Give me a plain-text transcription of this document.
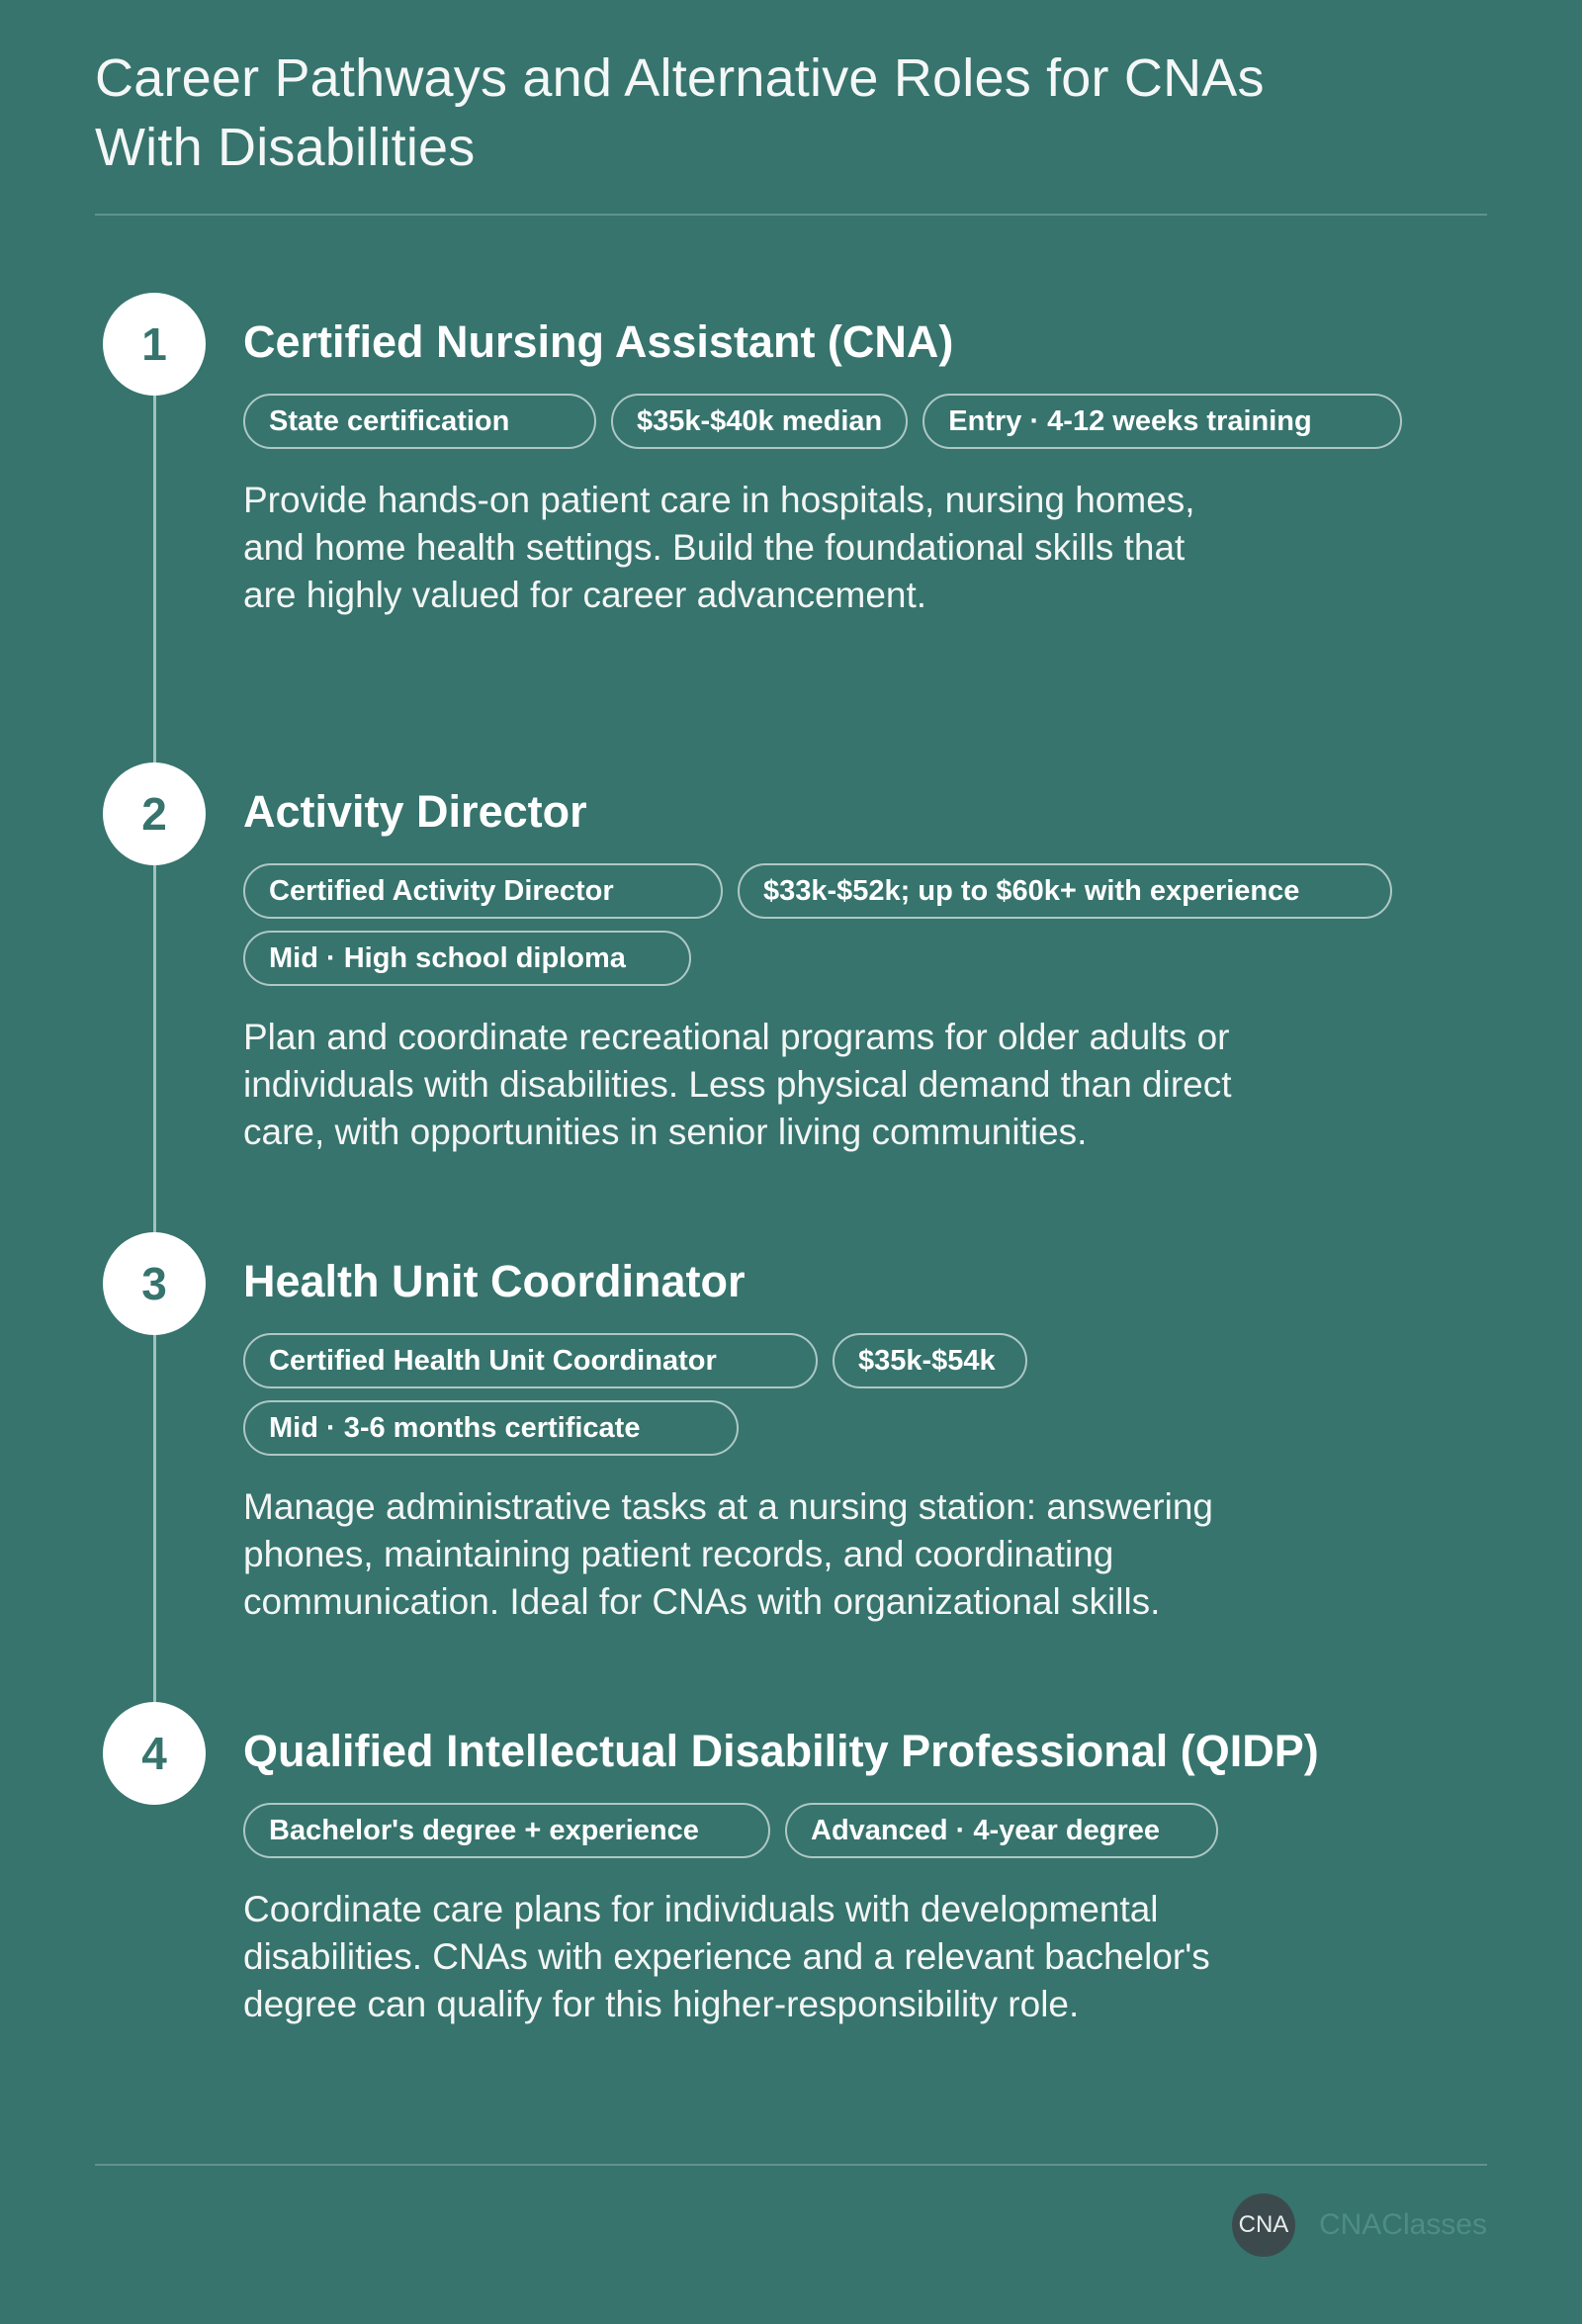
Career Pathways and Alternative Roles for CNAs With Disabilities
1	Certified Nursing Assistant (CNA)
State certification	$35k-$40k median	Entry · 4-12 weeks training
Provide hands-on patient care in hospitals, nursing homes, and home health settings. Build the foundational skills that are highly valued for career advancement.
2	Activity Director
Certified Activity Director	$33k-$52k; up to $60k+ with experience
Mid · High school diploma
Plan and coordinate recreational programs for older adults or individuals with disabilities. Less physical demand than direct care, with opportunities in senior living communities.
3	Health Unit Coordinator
Certified Health Unit Coordinator	$35k-$54k
Mid · 3-6 months certificate
Manage administrative tasks at a nursing station: answering phones, maintaining patient records, and coordinating communication. Ideal for CNAs with organizational skills.
4	Qualified Intellectual Disability Professional (QIDP)
Bachelor's degree + experience	Advanced · 4-year degree
Coordinate care plans for individuals with developmental disabilities. CNAs with experience and a relevant bachelor's degree can qualify for this higher-responsibility role.
CNA CNAClasses
